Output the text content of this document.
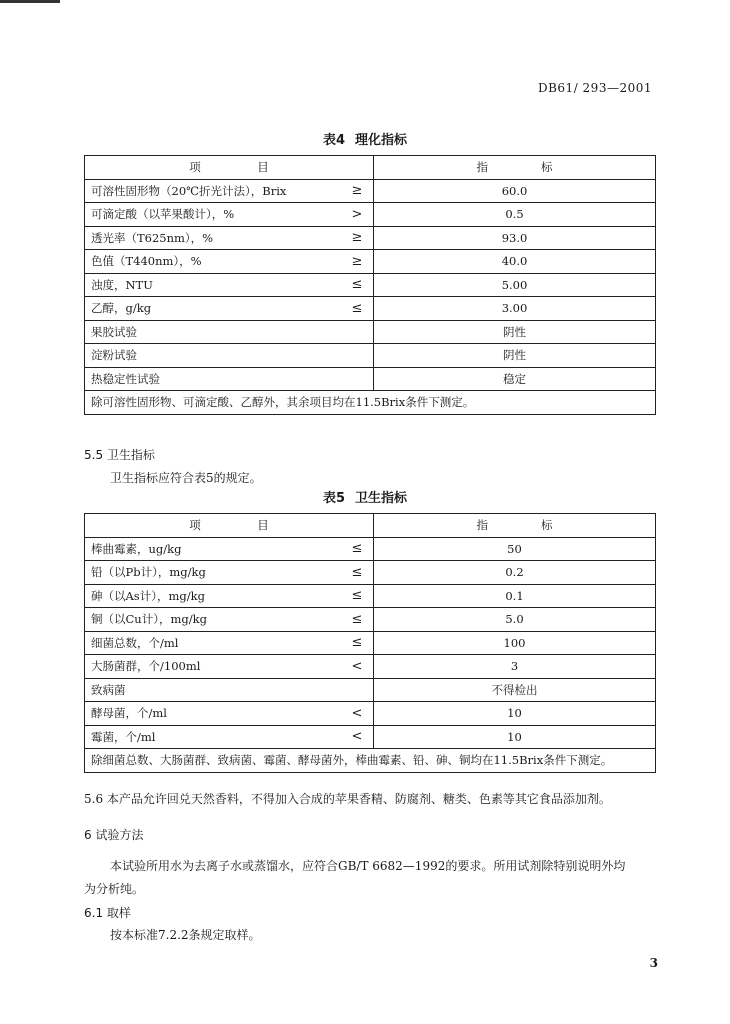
DB61/ 293—2001
表4 理化指标
项 目		指 标

可溶性固形物（20℃折光计法），Brix	≥	60.0
可滴定酸（以苹果酸计），%	>	0.5
透光率（T625nm），%	≥	93.0
色值（T440nm），%	≥	40.0
浊度，NTU	≤	5.00
乙醇，g/kg	≤	3.00
果胶试验		阴性
淀粉试验		阴性
热稳定性试验		稳定
除可溶性固形物、可滴定酸、乙醇外，其余项目均在11.5Brix条件下测定。		
5.5 卫生指标
卫生指标应符合表5的规定。
表5 卫生指标
项 目		指 标

棒曲霉素，ug/kg	≤	50
铅（以Pb计），mg/kg	≤	0.2
砷（以As计），mg/kg	≤	0.1
铜（以Cu计），mg/kg	≤	5.0
细菌总数，个/ml	≤	100
大肠菌群，个/100ml	<	3
致病菌		不得检出
酵母菌，个/ml	<	10
霉菌，个/ml	<	10
除细菌总数、大肠菌群、致病菌、霉菌、酵母菌外，棒曲霉素、铅、砷、铜均在11.5Brix条件下测定。		
5.6 本产品允许回兑天然香料，不得加入合成的苹果香精、防腐剂、糖类、色素等其它食品添加剂。
6 试验方法
本试验所用水为去离子水或蒸馏水，应符合GB/T 6682—1992的要求。所用试剂除特别说明外均
为分析纯。
6.1 取样
按本标准7.2.2条规定取样。
3
